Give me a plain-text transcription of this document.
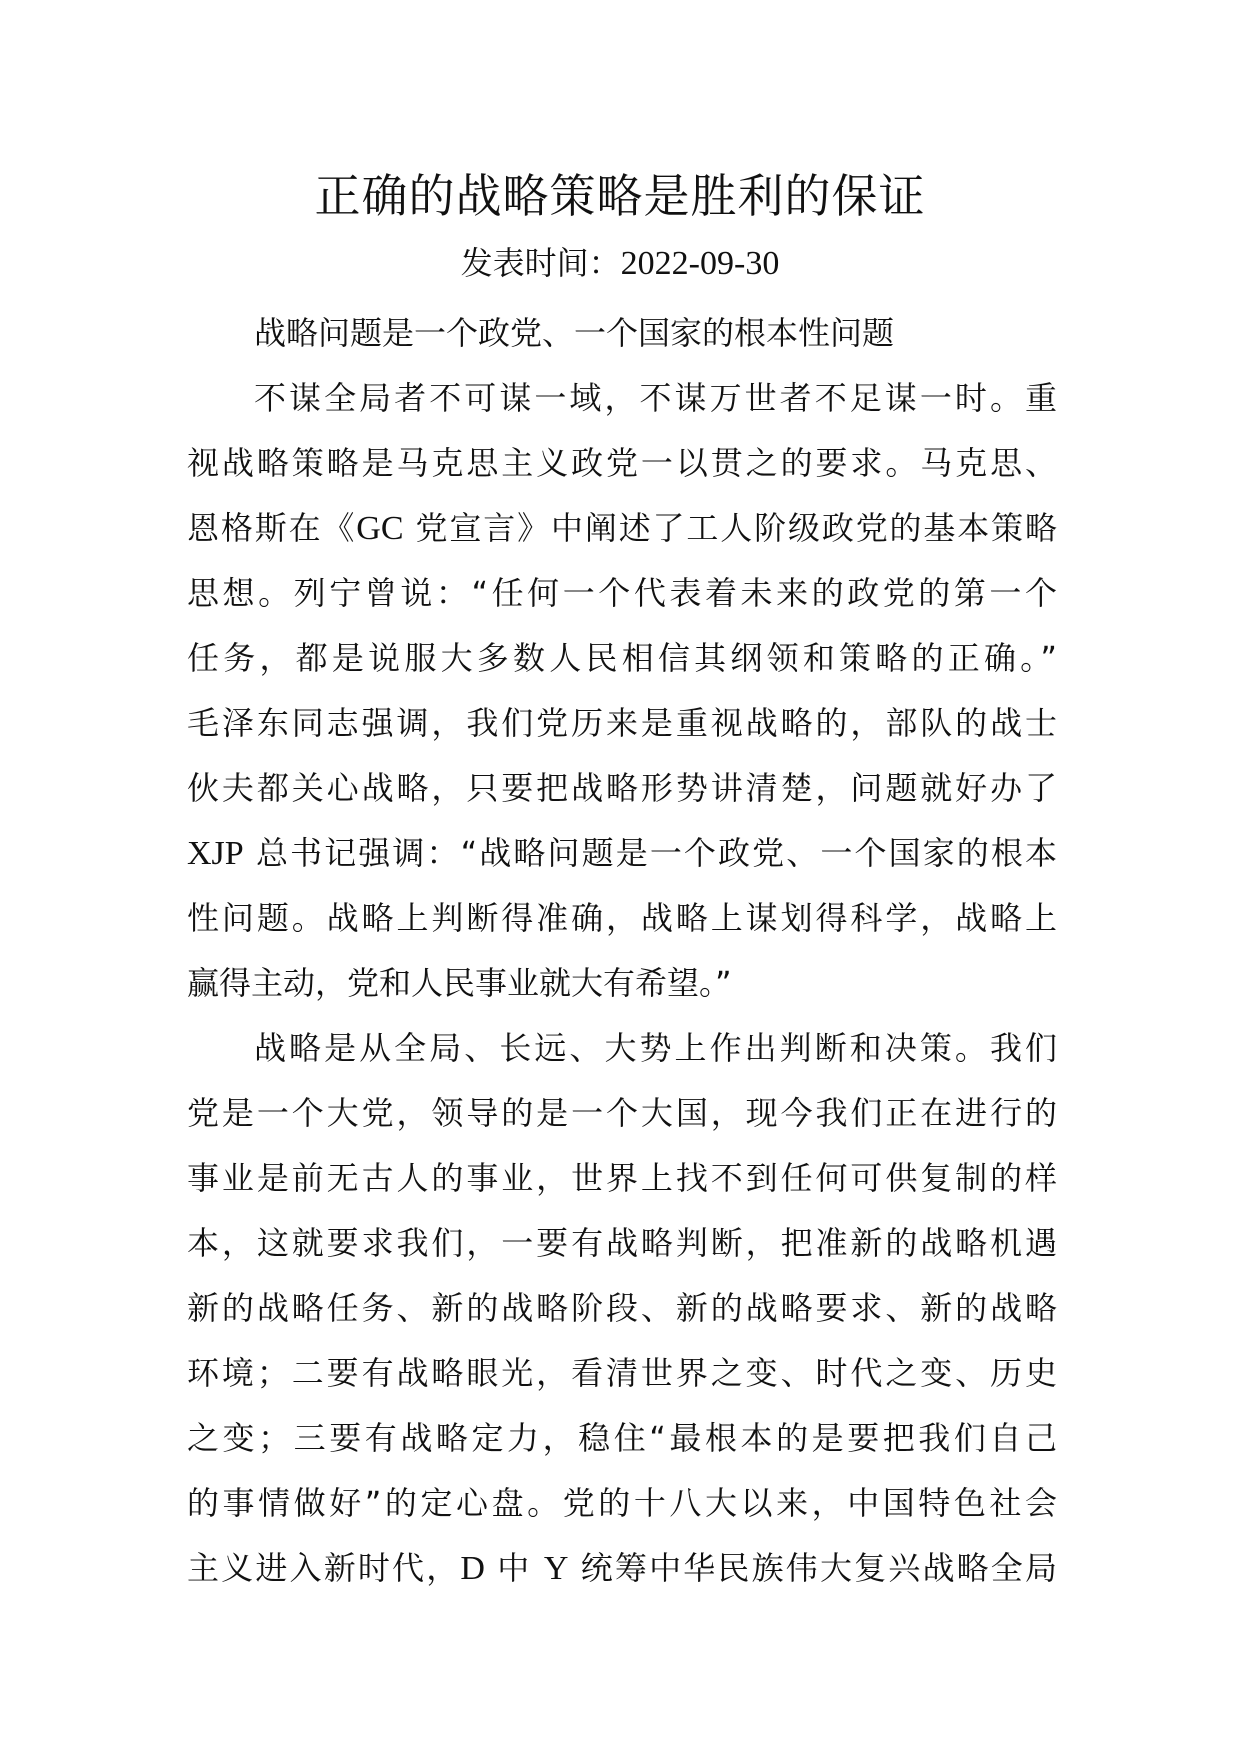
正确的战略策略是胜利的保证
发表时间：2022-09-30
战略问题是一个政党、一个国家的根本性问题
不谋全局者不可谋一域，不谋万世者不足谋一时。重
视战略策略是马克思主义政党一以贯之的要求。马克思、
恩格斯在《GC 党宣言》中阐述了工人阶级政党的基本策略
思想。列宁曾说：“任何一个代表着未来的政党的第一个
任务，都是说服大多数人民相信其纲领和策略的正确。”
毛泽东同志强调，我们党历来是重视战略的，部队的战士
伙夫都关心战略，只要把战略形势讲清楚，问题就好办了
XJP 总书记强调：“战略问题是一个政党、一个国家的根本
性问题。战略上判断得准确，战略上谋划得科学，战略上
赢得主动，党和人民事业就大有希望。”
战略是从全局、长远、大势上作出判断和决策。我们
党是一个大党，领导的是一个大国，现今我们正在进行的
事业是前无古人的事业，世界上找不到任何可供复制的样
本，这就要求我们，一要有战略判断，把准新的战略机遇
新的战略任务、新的战略阶段、新的战略要求、新的战略
环境；二要有战略眼光，看清世界之变、时代之变、历史
之变；三要有战略定力，稳住“最根本的是要把我们自己
的事情做好”的定心盘。党的十八大以来，中国特色社会
主义进入新时代，D 中 Y 统筹中华民族伟大复兴战略全局
